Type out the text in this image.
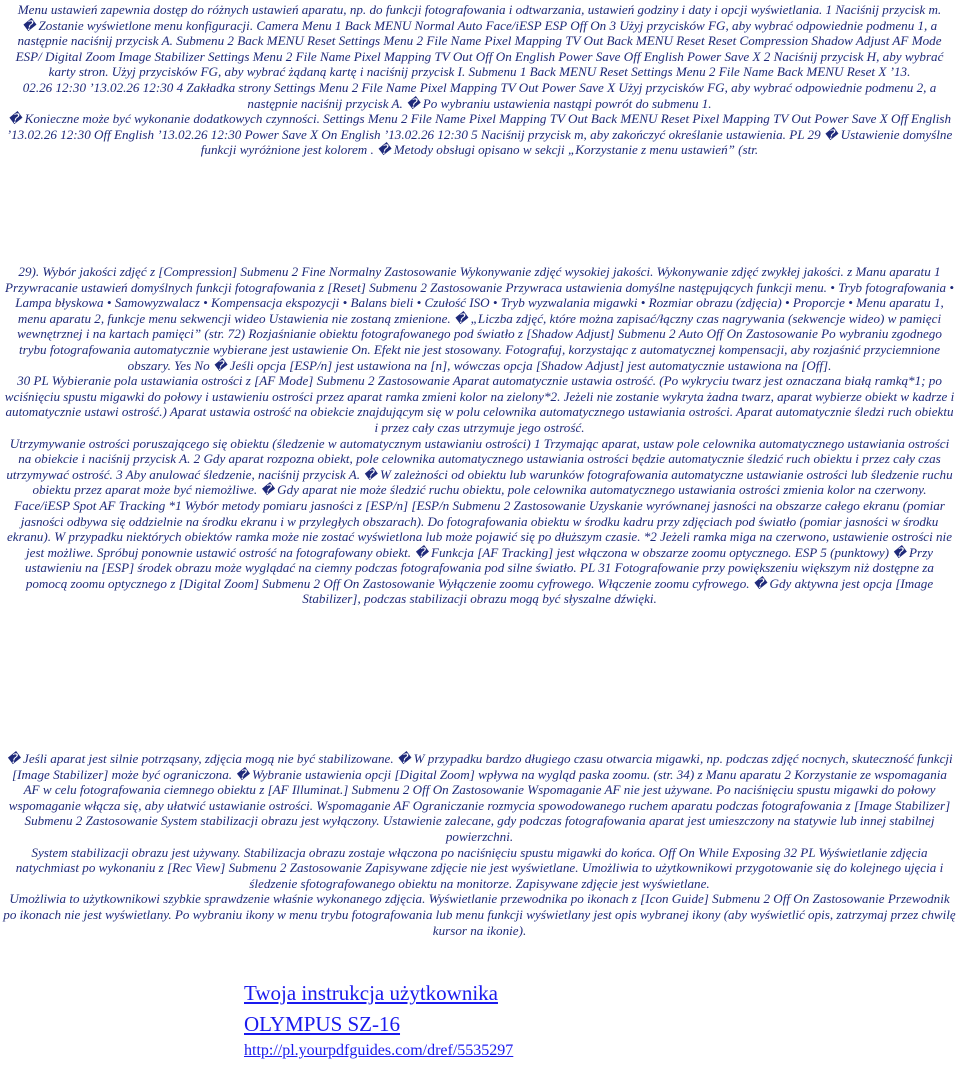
Menu ustawień zapewnia dostęp do różnych ustawień aparatu, np. do funkcji fotografowania i odtwarzania, ustawień godziny i daty i opcji wyświetlania. 1 Naciśnij przycisk m.

� Zostanie wyświetlone menu konfiguracji. Camera Menu 1 Back MENU Normal Auto Face/iESP ESP Off On 3 Użyj przycisków FG, aby wybrać odpowiednie podmenu 1, a następnie naciśnij przycisk A. Submenu 2 Back MENU Reset Settings Menu 2 File Name Pixel Mapping TV Out Back MENU Reset Reset Compression Shadow Adjust AF Mode ESP/ Digital Zoom Image Stabilizer Settings Menu 2 File Name Pixel Mapping TV Out Off On English Power Save Off English Power Save X 2 Naciśnij przycisk H, aby wybrać karty stron. Użyj przycisków FG, aby wybrać żądaną kartę i naciśnij przycisk I. Submenu 1 Back MENU Reset Settings Menu 2 File Name Back MENU Reset X ’13.

02.26 12:30 ’13.02.26 12:30 4 Zakładka strony Settings Menu 2 File Name Pixel Mapping TV Out Power Save X Użyj przycisków FG, aby wybrać odpowiednie podmenu 2, a następnie naciśnij przycisk A. � Po wybraniu ustawienia nastąpi powrót do submenu 1.

� Konieczne może być wykonanie dodatkowych czynności. Settings Menu 2 File Name Pixel Mapping TV Out Back MENU Reset Pixel Mapping TV Out Power Save X Off English ’13.02.26 12:30 Off English ’13.02.26 12:30 Power Save X On English ’13.02.26 12:30 5 Naciśnij przycisk m, aby zakończyć określanie ustawienia. PL 29 � Ustawienie domyślne funkcji wyróżnione jest kolorem . � Metody obsługi opisano w sekcji „Korzystanie z menu ustawień” (str.

29). Wybór jakości zdjęć z [Compression] Submenu 2 Fine Normalny Zastosowanie Wykonywanie zdjęć wysokiej jakości. Wykonywanie zdjęć zwykłej jakości. z Manu aparatu 1 Przywracanie ustawień domyślnych funkcji fotografowania z [Reset] Submenu 2 Zastosowanie Przywraca ustawienia domyślne następujących funkcji menu. • Tryb fotografowania • Lampa błyskowa • Samowyzwalacz • Kompensacja ekspozycji • Balans bieli • Czułość ISO • Tryb wyzwalania migawki • Rozmiar obrazu (zdjęcia) • Proporcje • Menu aparatu 1, menu aparatu 2, funkcje menu sekwencji wideo Ustawienia nie zostaną zmienione. � „Liczba zdjęć, które można zapisać/łączny czas nagrywania (sekwencje wideo) w pamięci wewnętrznej i na kartach pamięci” (str. 72) Rozjaśnianie obiektu fotografowanego pod światło z [Shadow Adjust] Submenu 2 Auto Off On Zastosowanie Po wybraniu zgodnego trybu fotografowania automatycznie wybierane jest ustawienie On. Efekt nie jest stosowany. Fotografuj, korzystając z automatycznej kompensacji, aby rozjaśnić przyciemnione obszary. Yes No � Jeśli opcja [ESP/n] jest ustawiona na [n], wówczas opcja [Shadow Adjust] jest automatycznie ustawiona na [Off].

30 PL Wybieranie pola ustawiania ostrości z [AF Mode] Submenu 2 Zastosowanie Aparat automatycznie ustawia ostrość. (Po wykryciu twarz jest oznaczana białą ramką*1; po wciśnięciu spustu migawki do połowy i ustawieniu ostrości przez aparat ramka zmieni kolor na zielony*2. Jeżeli nie zostanie wykryta żadna twarz, aparat wybierze obiekt w kadrze i automatycznie ustawi ostrość.) Aparat ustawia ostrość na obiekcie znajdującym się w polu celownika automatycznego ustawiania ostrości. Aparat automatycznie śledzi ruch obiektu i przez cały czas utrzymuje jego ostrość.

Utrzymywanie ostrości poruszającego się obiektu (śledzenie w automatycznym ustawianiu ostrości) 1 Trzymając aparat, ustaw pole celownika automatycznego ustawiania ostrości na obiekcie i naciśnij przycisk A. 2 Gdy aparat rozpozna obiekt, pole celownika automatycznego ustawiania ostrości będzie automatycznie śledzić ruch obiektu i przez cały czas utrzymywać ostrość. 3 Aby anulować śledzenie, naciśnij przycisk A. � W zależności od obiektu lub warunków fotografowania automatyczne ustawianie ostrości lub śledzenie ruchu obiektu przez aparat może być niemożliwe. � Gdy aparat nie może śledzić ruchu obiektu, pole celownika automatycznego ustawiania ostrości zmienia kolor na czerwony.

Face/iESP Spot AF Tracking *1 Wybór metody pomiaru jasności z [ESP/n] [ESP/n Submenu 2 Zastosowanie Uzyskanie wyrównanej jasności na obszarze całego ekranu (pomiar jasności odbywa się oddzielnie na środku ekranu i w przyległych obszarach). Do fotografowania obiektu w środku kadru przy zdjęciach pod światło (pomiar jasności w środku ekranu). W przypadku niektórych obiektów ramka może nie zostać wyświetlona lub może pojawić się po dłuższym czasie. *2 Jeżeli ramka miga na czerwono, ustawienie ostrości nie jest możliwe. Spróbuj ponownie ustawić ostrość na fotografowany obiekt. � Funkcja [AF Tracking] jest włączona w obszarze zoomu optycznego. ESP 5 (punktowy) � Przy ustawieniu na [ESP] środek obrazu może wyglądać na ciemny podczas fotografowania pod silne światło. PL 31 Fotografowanie przy powiększeniu większym niż dostępne za pomocą zoomu optycznego z [Digital Zoom] Submenu 2 Off On Zastosowanie Wyłączenie zoomu cyfrowego. Włączenie zoomu cyfrowego. � Gdy aktywna jest opcja [Image Stabilizer], podczas stabilizacji obrazu mogą być słyszalne dźwięki.

� Jeśli aparat jest silnie potrząsany, zdjęcia mogą nie być stabilizowane. � W przypadku bardzo długiego czasu otwarcia migawki, np. podczas zdjęć nocnych, skuteczność funkcji [Image Stabilizer] może być ograniczona. � Wybranie ustawienia opcji [Digital Zoom] wpływa na wygląd paska zoomu. (str. 34) z Manu aparatu 2 Korzystanie ze wspomagania AF w celu fotografowania ciemnego obiektu z [AF Illuminat.] Submenu 2 Off On Zastosowanie Wspomaganie AF nie jest używane. Po naciśnięciu spustu migawki do połowy wspomaganie włącza się, aby ułatwić ustawianie ostrości. Wspomaganie AF Ograniczanie rozmycia spowodowanego ruchem aparatu podczas fotografowania z [Image Stabilizer] Submenu 2 Zastosowanie System stabilizacji obrazu jest wyłączony. Ustawienie zalecane, gdy podczas fotografowania aparat jest umieszczony na statywie lub innej stabilnej powierzchni.

System stabilizacji obrazu jest używany. Stabilizacja obrazu zostaje włączona po naciśnięciu spustu migawki do końca. Off On While Exposing 32 PL Wyświetlanie zdjęcia natychmiast po wykonaniu z [Rec View] Submenu 2 Zastosowanie Zapisywane zdjęcie nie jest wyświetlane. Umożliwia to użytkownikowi przygotowanie się do kolejnego ujęcia i śledzenie sfotografowanego obiektu na monitorze. Zapisywane zdjęcie jest wyświetlane.

Umożliwia to użytkownikowi szybkie sprawdzenie właśnie wykonanego zdjęcia. Wyświetlanie przewodnika po ikonach z [Icon Guide] Submenu 2 Off On Zastosowanie Przewodnik po ikonach nie jest wyświetlany. Po wybraniu ikony w menu trybu fotografowania lub menu funkcji wyświetlany jest opis wybranej ikony (aby wyświetlić opis, zatrzymaj przez chwilę kursor na ikonie).

Twoja instrukcja użytkownika
OLYMPUS SZ-16
http://pl.yourpdfguides.com/dref/5535297
